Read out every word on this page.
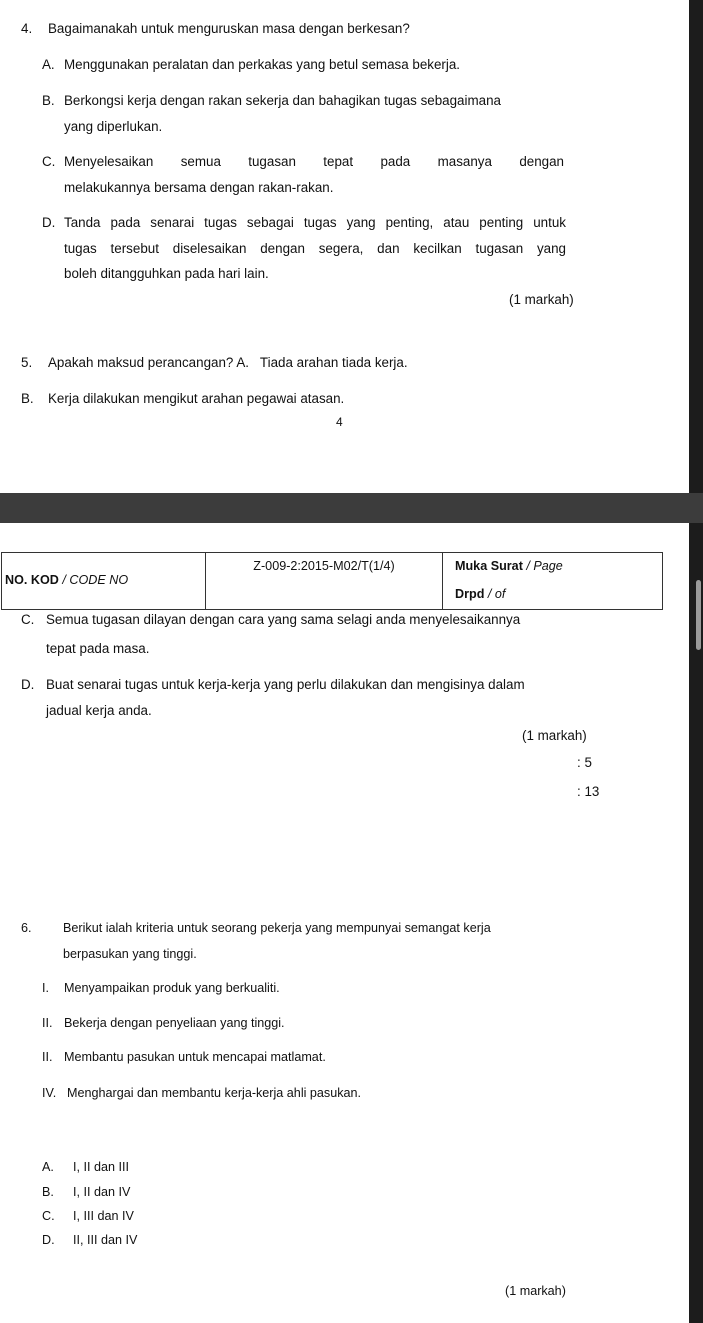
4. Bagaimanakah untuk menguruskan masa dengan berkesan?
A. Menggunakan peralatan dan perkakas yang betul semasa bekerja.
B. Berkongsi kerja dengan rakan sekerja dan bahagikan tugas sebagaimana
yang diperlukan.
C. Menyelesaikan semua tugasan tepat pada masanya dengan
melakukannya bersama dengan rakan-rakan.
D. Tanda pada senarai tugas sebagai tugas yang penting, atau penting untuk
tugas tersebut diselesaikan dengan segera, dan kecilkan tugasan yang
boleh ditangguhkan pada hari lain.
(1 markah)
5. Apakah maksud perancangan? A.   Tiada arahan tiada kerja.
B. Kerja dilakukan mengikut arahan pegawai atasan.
4
NO. KOD / CODE NO	Z-009-2:2015-M02/T(1/4)	Muka Surat / Page
		Drpd / of
C. Semua tugasan dilayan dengan cara yang sama selagi anda menyelesaikannya
tepat pada masa.
D. Buat senarai tugas untuk kerja-kerja yang perlu dilakukan dan mengisinya dalam
jadual kerja anda.
(1 markah)
: 5
: 13
6. Berikut ialah kriteria untuk seorang pekerja yang mempunyai semangat kerja
berpasukan yang tinggi.
I. Menyampaikan produk yang berkualiti.
II. Bekerja dengan penyeliaan yang tinggi.
II. Membantu pasukan untuk mencapai matlamat.
IV. Menghargai dan membantu kerja-kerja ahli pasukan.
A. I, II dan III
B. I, II dan IV
C. I, III dan IV
D. II, III dan IV
(1 markah)
